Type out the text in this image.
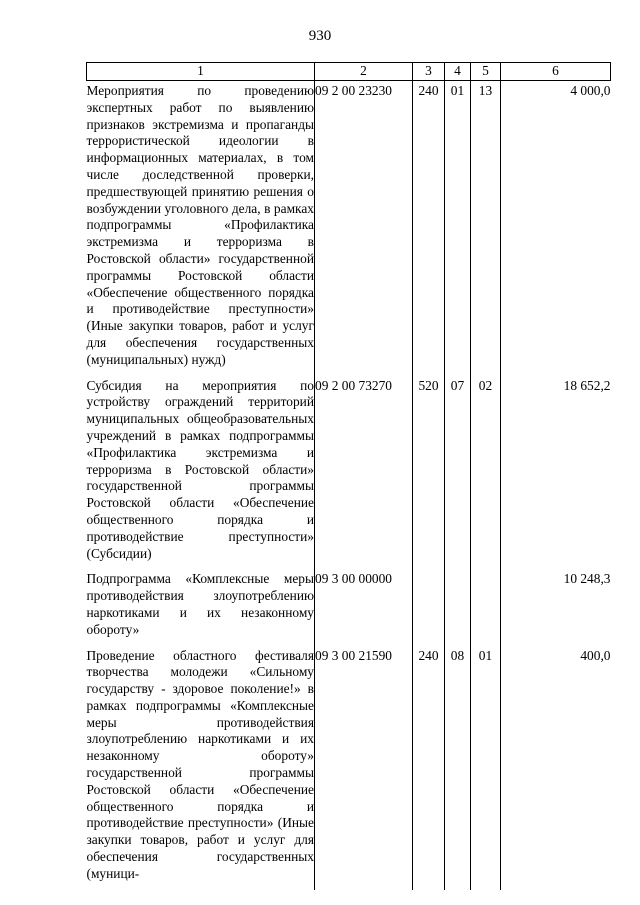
930
1	2	3	4	5	6

Мероприятия по проведению экспертных работ по выявлению признаков экстремизма и пропаганды террористической идеологии в информационных материалах, в том числе доследственной проверки, предшествующей принятию решения о возбуждении уголовного дела, в рамках подпрограммы «Профилактика экстремизма и терроризма в Ростовской области» государственной программы Ростовской области «Обеспечение общественного порядка и противодействие преступности» (Иные закупки товаров, работ и услуг для обеспечения государственных (муниципальных) нужд)	09 2 00 23230	240	01	13	4 000,0

Субсидия на мероприятия по устройству ограждений территорий муниципальных общеобразовательных учреждений в рамках подпрограммы «Профилактика экстремизма и терроризма в Ростовской области» государственной программы Ростовской области «Обеспечение общественного порядка и противодействие преступности» (Субсидии)	09 2 00 73270	520	07	02	18 652,2

Подпрограмма «Комплексные меры противодействия злоупотреблению наркотиками и их незаконному обороту»	09 3 00 00000				10 248,3

Проведение областного фестиваля творчества молодежи «Сильному государству - здоровое поколение!» в рамках подпрограммы «Комплексные меры противодействия злоупотреблению наркотиками и их незаконному обороту» государственной программы Ростовской области «Обеспечение общественного порядка и противодействие преступности» (Иные закупки товаров, работ и услуг для обеспечения государственных (муници-	09 3 00 21590	240	08	01	400,0
